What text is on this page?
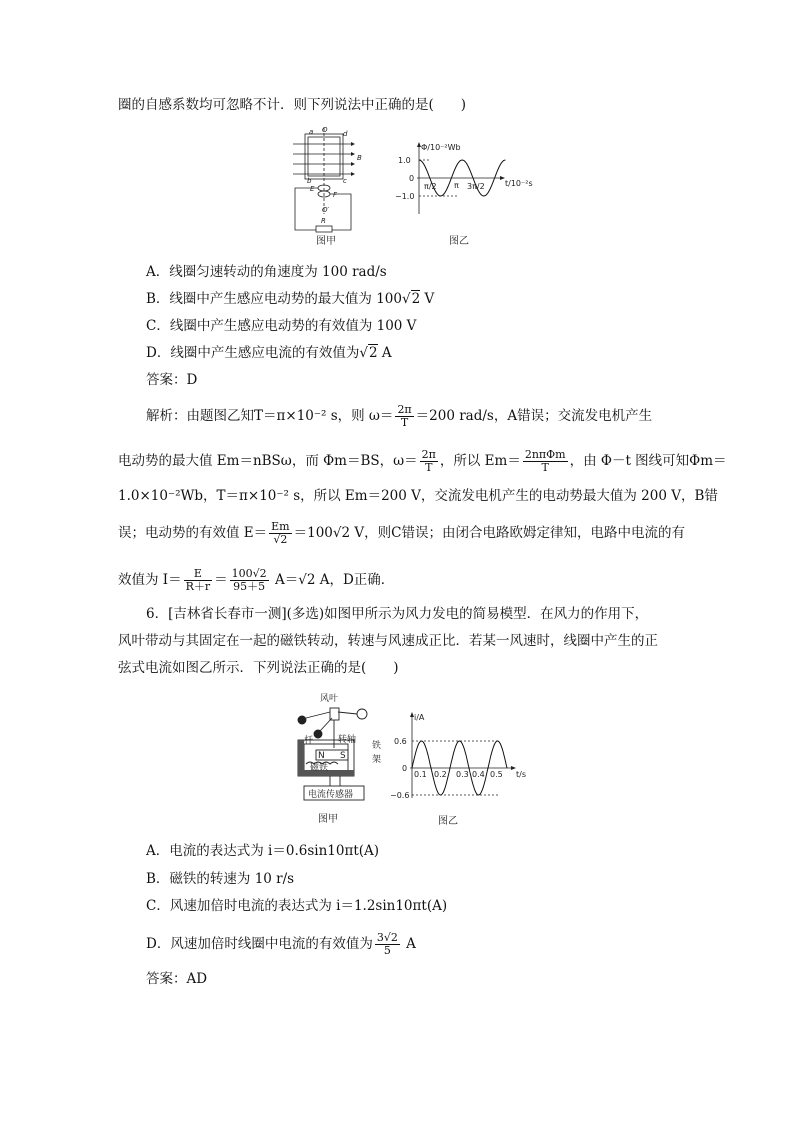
圈的自感系数均可忽略不计．则下列说法中正确的是(　　)
a O d
B
b	c
E
F
O′
R
图甲
Φ/10⁻²Wb
t/10⁻²s
1.0
0
−1.0
π/2 π 3π/2
图乙
A．线圈匀速转动的角速度为 100 rad/s
B．线圈中产生感应电动势的最大值为 100√2 V
C．线圈中产生感应电动势的有效值为 100 V
D．线圈中产生感应电流的有效值为√2 A
答案：D
解析：由题图乙知T＝π×10⁻² s，则 $\omega= \frac{2\pi}{T} =200$ rad/s，A错误；交流发电机产生
电动势的最大值 Em＝nBSω，而 Φm＝BS，$\omega= \frac{2\pi}{T}$ ，所以 $Em= \frac{\text{2nπΦm}}{T}$ ，由 Φ－t 图线可知Φm＝
1.0×10⁻²Wb，T＝π×10⁻² s，所以 Em＝200 V，交流发电机产生的电动势最大值为 200 V，B错
误；电动势的有效值 $E= \frac{Em}{√2} =100√2$ V，则C错误；由闭合电路欧姆定律知，电路中电流的有
效值为 $I= \frac{E}{R+r} = \frac{100√2}{95+5} A=√2$ A，D正确．
6．[吉林省长春市一测](多选)如图甲所示为风力发电的简易模型．在风力的作用下，
风叶带动与其固定在一起的磁铁转动，转速与风速成正比．若某一风速时，线圈中产生的正
弦式电流如图乙所示．下列说法正确的是(　　)
风叶
杆	转轴
铁
架
N S
磁铁
电流传感器
图甲
i/A
t/s
0.6
0
−0.6
0.1 0.2 0.3 0.4 0.5
图乙
A．电流的表达式为 i＝0.6sin10πt(A)
B．磁铁的转速为 10 r/s
C．风速加倍时电流的表达式为 i＝1.2sin10πt(A)
D．风速加倍时线圈中电流的有效值为 $\frac{3√2}{5}$ A
答案：AD
